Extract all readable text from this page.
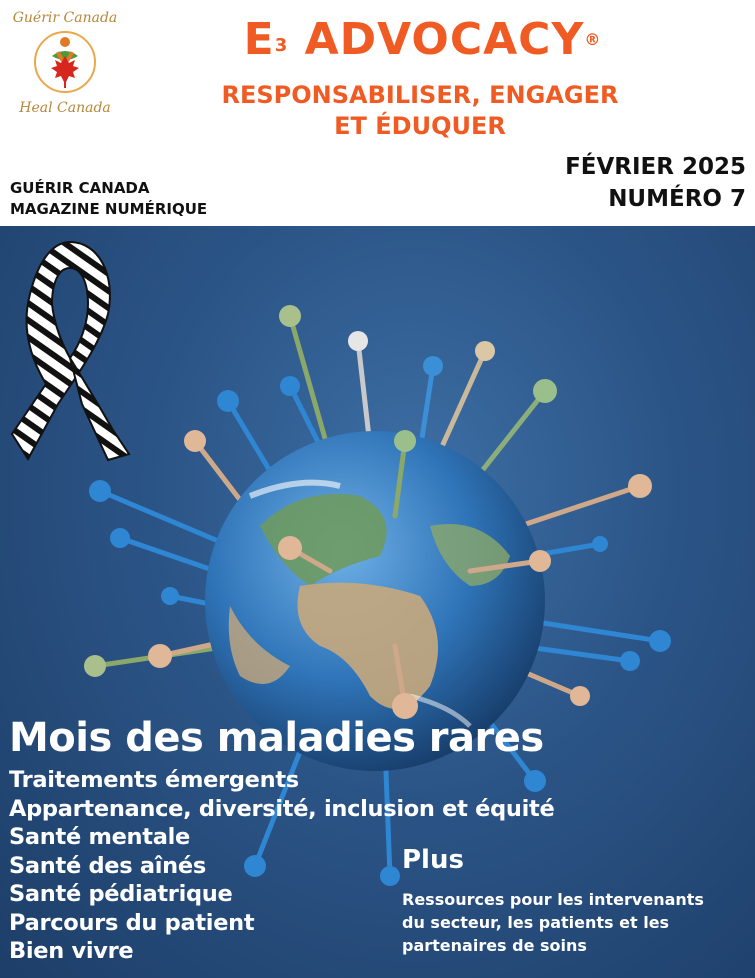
Guérir Canada
Heal Canada
$E^3$ ADVOCACY®
RESPONSABILISER, ENGAGER
ET ÉDUQUER
GUÉRIR CANADA
MAGAZINE NUMÉRIQUE
FÉVRIER 2025
NUMÉRO 7
Mois des maladies rares
Traitements émergents
Appartenance, diversité, inclusion et équité
Santé mentale
Santé des aînés
Santé pédiatrique
Parcours du patient
Bien vivre
Plus
Ressources pour les intervenants
du secteur, les patients et les
partenaires de soins
